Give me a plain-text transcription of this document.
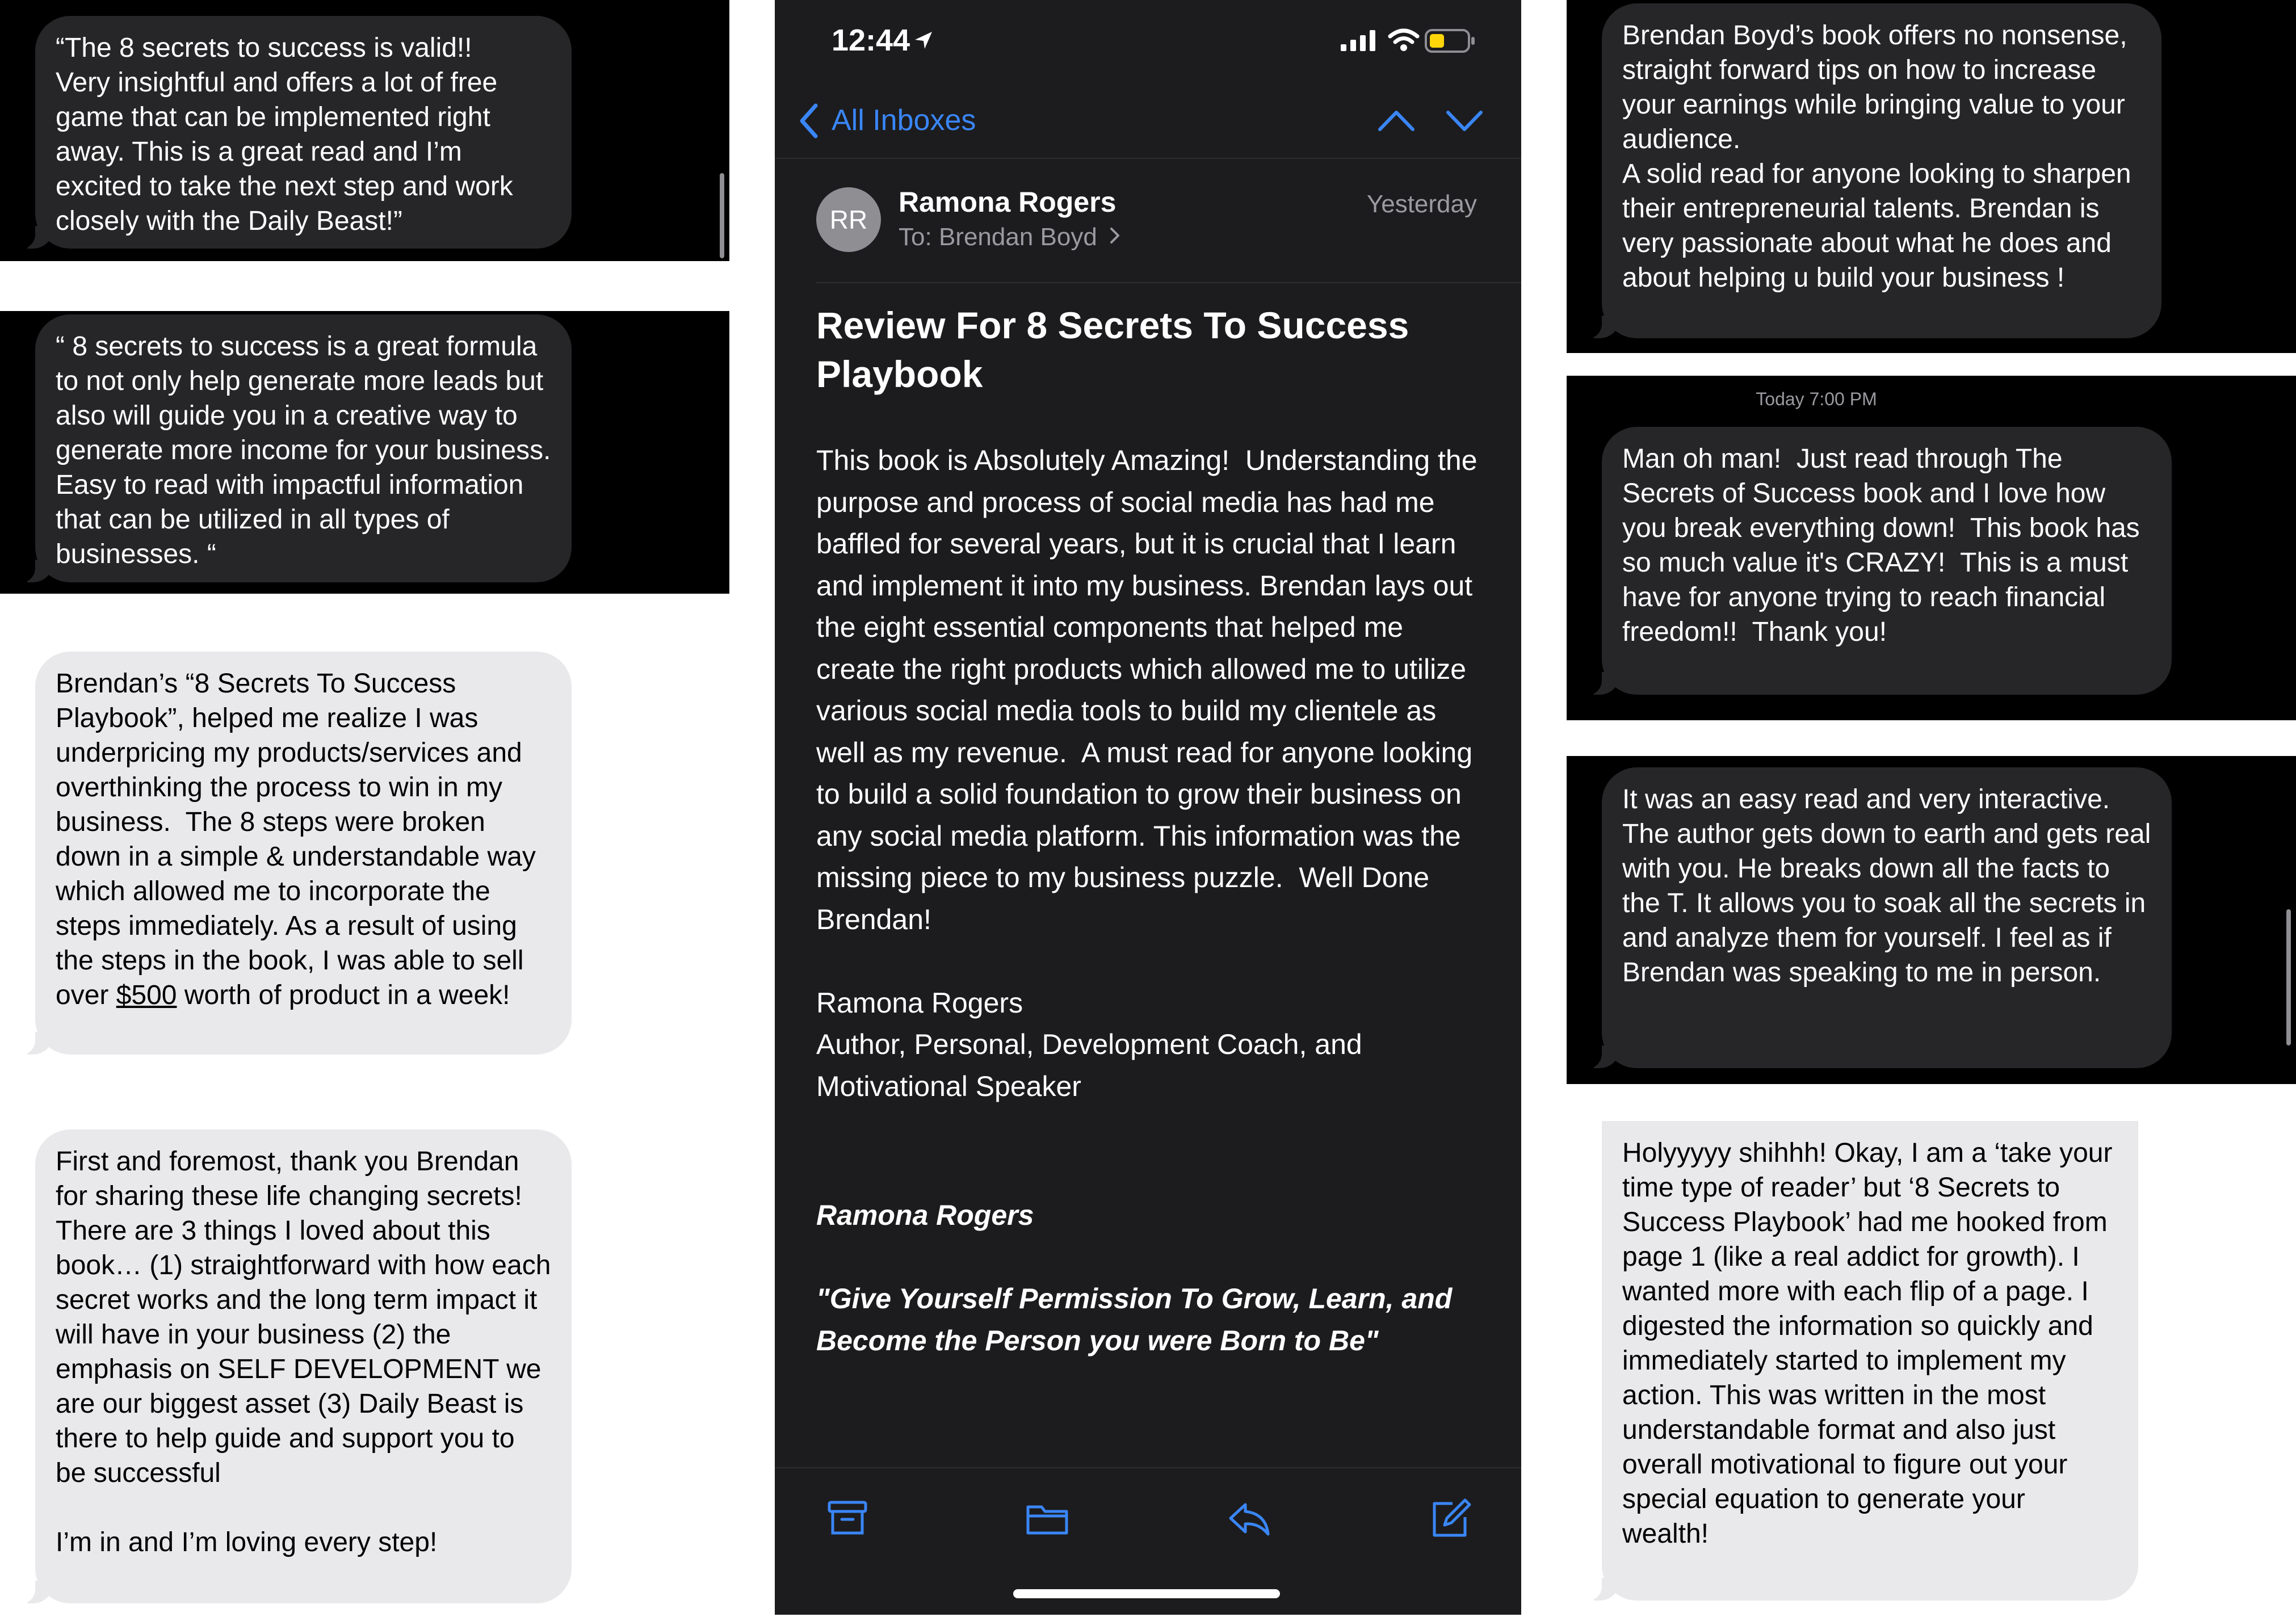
“The 8 secrets to success is valid!!
Very insightful and offers a lot of free game that can be implemented right away. This is a great read and I’m excited to take the next step and work closely with the Daily Beast!”
“ 8 secrets to success is a great formula to not only help generate more leads but also will guide you in a creative way to generate more income for your business. Easy to read with impactful information that can be utilized in all types of businesses. “
Brendan’s “8 Secrets To Success Playbook”, helped me realize I was underpricing my products/services and overthinking the process to win in my business.  The 8 steps were broken down in a simple & understandable way which allowed me to incorporate the steps immediately. As a result of using the steps in the book, I was able to sell over $500 worth of product in a week!
First and foremost, thank you Brendan for sharing these life changing secrets! There are 3 things I loved about this book… (1) straightforward with how each secret works and the long term impact it will have in your business (2) the emphasis on SELF DEVELOPMENT we are our biggest asset (3) Daily Beast is there to help guide and support you to be successful

I’m in and I’m loving every step!
12:44
All Inboxes
RR
Ramona Rogers
To: Brendan Boyd
Yesterday
Review For 8 Secrets To Success Playbook
This book is Absolutely Amazing!  Understanding the purpose and process of social media has had me baffled for several years, but it is crucial that I learn and implement it into my business. Brendan lays out the eight essential components that helped me create the right products which allowed me to utilize various social media tools to build my clientele as well as my revenue.  A must read for anyone looking to build a solid foundation to grow their business on any social media platform. This information was the missing piece to my business puzzle.  Well Done Brendan!

Ramona Rogers
Author, Personal, Development Coach, and Motivational Speaker
Ramona Rogers
"Give Yourself Permission To Grow, Learn, and Become the Person you were Born to Be"
Brendan Boyd’s book offers no nonsense, straight forward tips on how to increase your earnings while bringing value to your audience.
A solid read for anyone looking to sharpen their entrepreneurial talents. Brendan is very passionate about what he does and about helping u build your business !
Man oh man!  Just read through The Secrets of Success book and I love how you break everything down!  This book has so much value it's CRAZY!  This is a must have for anyone trying to reach financial freedom!!  Thank you!
Today 7:00 PM
It was an easy read and very interactive. The author gets down to earth and gets real with you. He breaks down all the facts to the T. It allows you to soak all the secrets in and analyze them for yourself. I feel as if Brendan was speaking to me in person.
Holyyyyy shihhh! Okay, I am a ‘take your time type of reader’ but ‘8 Secrets to Success Playbook’ had me hooked from page 1 (like a real addict for growth). I wanted more with each flip of a page. I digested the information so quickly and immediately started to implement my action. This was written in the most understandable format and also just overall motivational to figure out your special equation to generate your wealth!
